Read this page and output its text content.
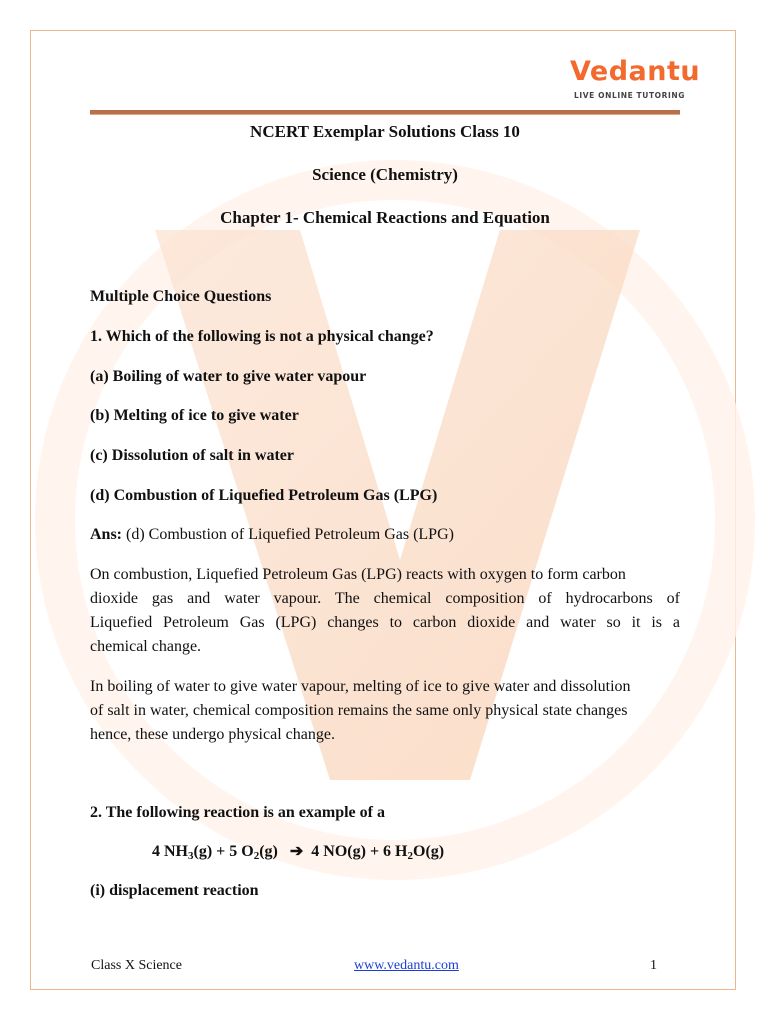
Vedantu
LIVE ONLINE TUTORING

NCERT Exemplar Solutions Class 10

Science (Chemistry)

Chapter 1- Chemical Reactions and Equation

Multiple Choice Questions

1. Which of the following is not a physical change?

(a) Boiling of water to give water vapour

(b) Melting of ice to give water

(c) Dissolution of salt in water

(d) Combustion of Liquefied Petroleum Gas (LPG)

Ans: (d) Combustion of Liquefied Petroleum Gas (LPG)

On combustion, Liquefied Petroleum Gas (LPG) reacts with oxygen to form carbon

dioxide gas and water vapour. The chemical composition of hydrocarbons of

Liquefied Petroleum Gas (LPG) changes to carbon dioxide and water so it is a

chemical change.

In boiling of water to give water vapour, melting of ice to give water and dissolution

of salt in water, chemical composition remains the same only physical state changes

hence, these undergo physical change.

2. The following reaction is an example of a

4 $NH_3(g) + 5$ $O_2(g)$ ➔ 4 NO(g) + 6 $H_2O(g)$

(i) displacement reaction

Class X Science	www.vedantu.com	1
